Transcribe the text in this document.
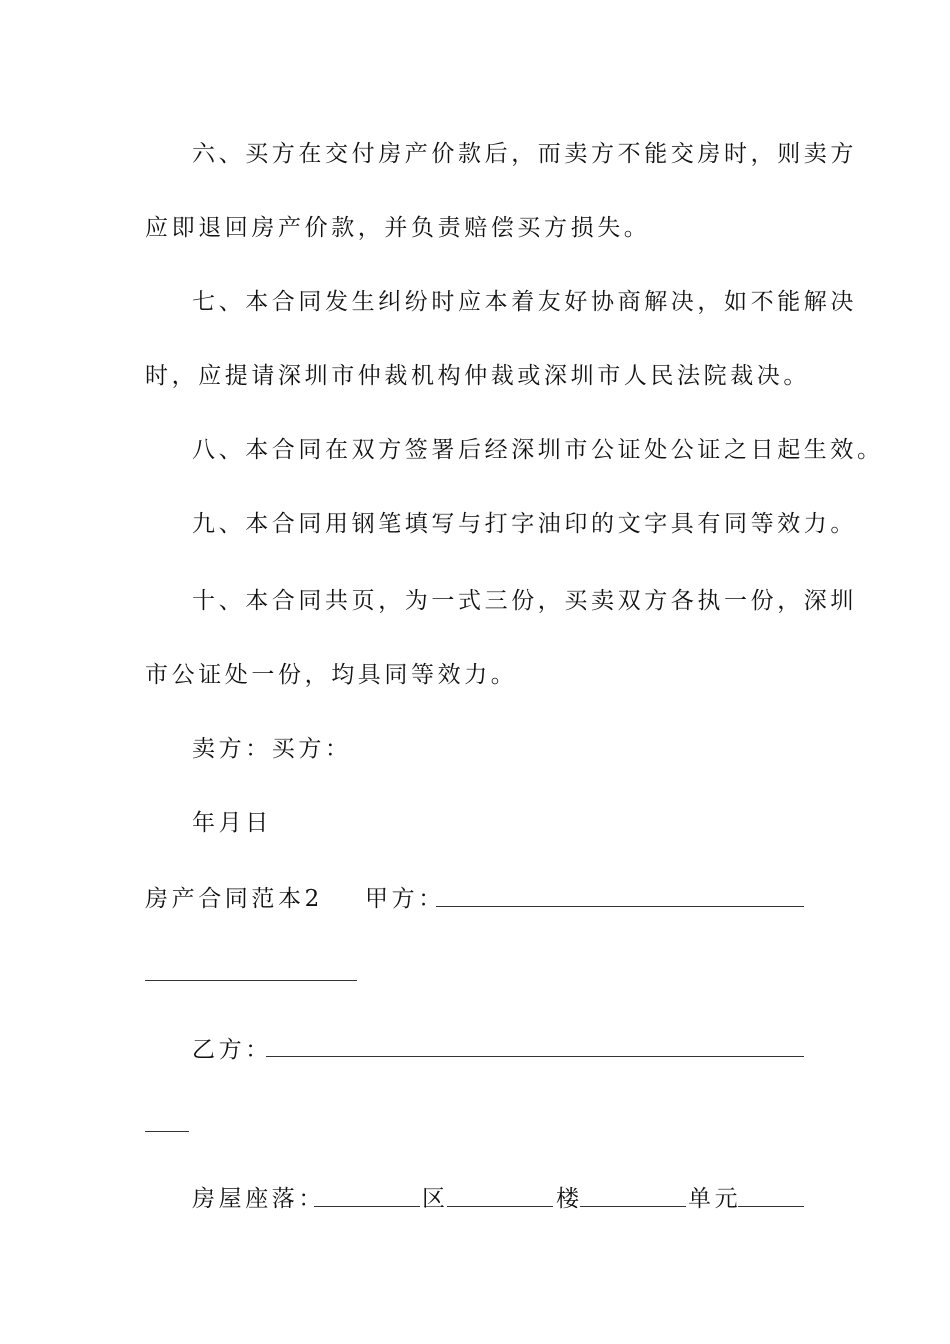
六、买方在交付房产价款后，而卖方不能交房时，则卖方
应即退回房产价款，并负责赔偿买方损失。
七、本合同发生纠纷时应本着友好协商解决，如不能解决
时，应提请深圳市仲裁机构仲裁或深圳市人民法院裁决。
八、本合同在双方签署后经深圳市公证处公证之日起生效。
九、本合同用钢笔填写与打字油印的文字具有同等效力。
十、本合同共页，为一式三份，买卖双方各执一份，深圳
市公证处一份，均具同等效力。
卖方：买方：
年月日
房产合同范本2 甲方：
乙方：
房屋座落：	区	楼	单元
